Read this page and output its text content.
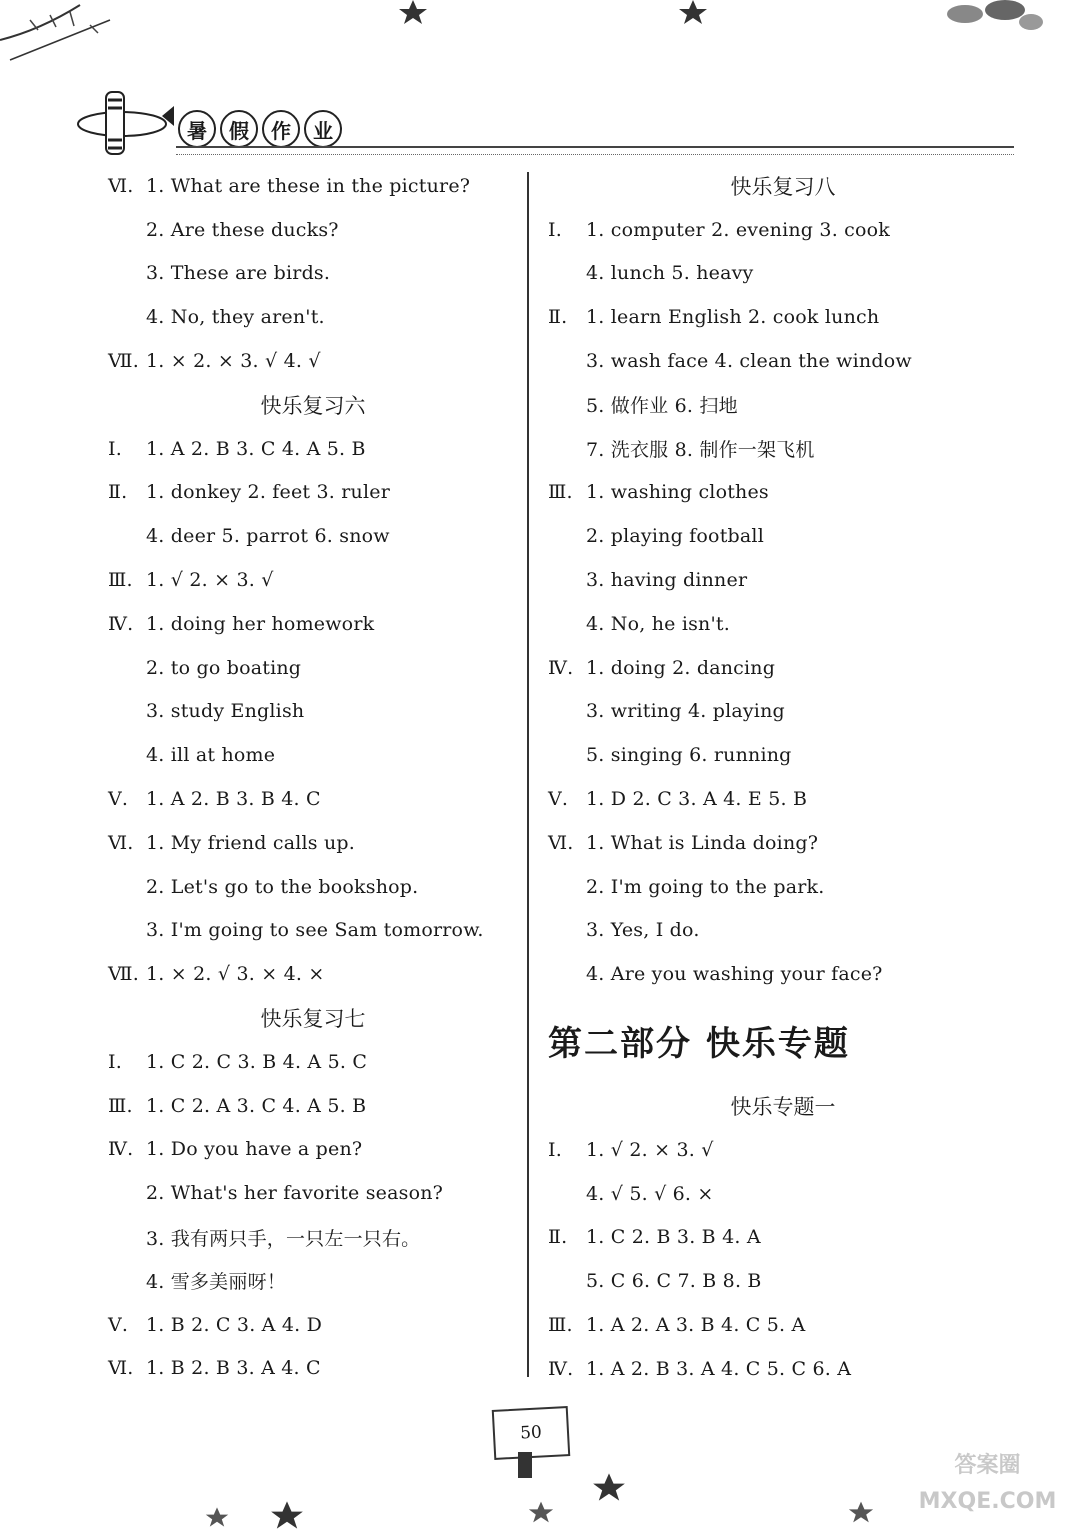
暑	假	作	业
Ⅵ. 1. What are these in the picture?
2. Are these ducks?
3. These are birds.
4. No, they aren't.
Ⅶ. 1. × 2. × 3. √ 4. √
快乐复习六
Ⅰ.	1. A 2. B 3. C 4. A 5. B
Ⅱ. 1. donkey 2. feet 3. ruler
4. deer 5. parrot 6. snow
Ⅲ. 1. √ 2. × 3. √
Ⅳ. 1. doing her homework
2. to go boating
3. study English
4. ill at home
Ⅴ. 1. A 2. B 3. B 4. C
Ⅵ. 1. My friend calls up.
2. Let's go to the bookshop.
3. I'm going to see Sam tomorrow.
Ⅶ. 1. × 2. √ 3. × 4. ×
快乐复习七
Ⅰ.	1. C 2. C 3. B 4. A 5. C
Ⅲ. 1. C 2. A 3. C 4. A 5. B
Ⅳ. 1. Do you have a pen?
2. What's her favorite season?
3. 我有两只手，一只左一只右。
4. 雪多美丽呀！
Ⅴ. 1. B 2. C 3. A 4. D
Ⅵ. 1. B 2. B 3. A 4. C
快乐复习八
Ⅰ.	1. computer 2. evening 3. cook
4. lunch 5. heavy
Ⅱ. 1. learn English 2. cook lunch
3. wash face 4. clean the window
5. 做作业 6. 扫地
7. 洗衣服 8. 制作一架飞机
Ⅲ. 1. washing clothes
2. playing football
3. having dinner
4. No, he isn't.
Ⅳ. 1. doing 2. dancing
3. writing 4. playing
5. singing 6. running
Ⅴ. 1. D 2. C 3. A 4. E 5. B
Ⅵ. 1. What is Linda doing?
2. I'm going to the park.
3. Yes, I do.
4. Are you washing your face?
第二部分 快乐专题
快乐专题一
Ⅰ.	1. √ 2. × 3. √
4. √ 5. √ 6. ×
Ⅱ. 1. C 2. B 3. B 4. A
5. C 6. C 7. B 8. B
Ⅲ. 1. A 2. A 3. B 4. C 5. A
Ⅳ. 1. A 2. B 3. A 4. C 5. C 6. A
50
答案圈 MXQE.COM
